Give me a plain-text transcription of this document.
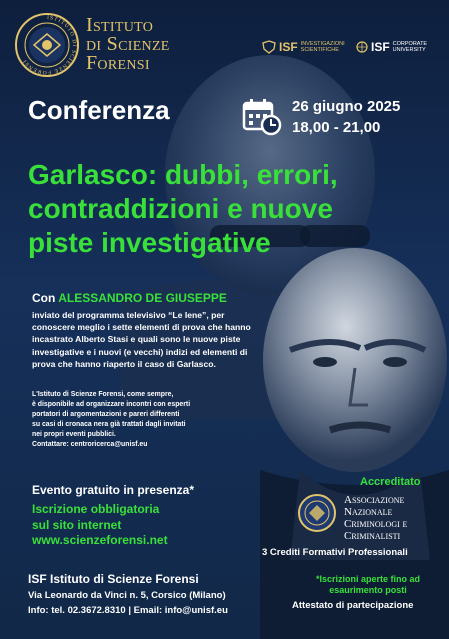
ISTITUTO DI SCIENZE FORENSI
Istituto
di Scienze
Forensi
ISF INVESTIGAZIONI
SCIENTIFICHE	ISF CORPORATE
UNIVERSITY
Conferenza	26 giugno 2025
18,00 - 21,00
Garlasco: dubbi, errori,
contraddizioni e nuove
piste investigative
Con ALESSANDRO DE GIUSEPPE
inviato del programma televisivo “Le Iene”, per
conoscere meglio i sette elementi di prova che hanno
incastrato Alberto Stasi e quali sono le nuove piste
investigative e i nuovi (e vecchi) indizi ed elementi di
prova che hanno riaperto il caso di Garlasco.
L'Istituto di Scienze Forensi, come sempre,
è disponibile ad organizzare incontri con esperti
portatori di argomentazioni e pareri differenti
su casi di cronaca nera già trattati dagli invitati
nei propri eventi pubblici.
Contattare: centroricerca@unisf.eu
Evento gratuito in presenza*
Iscrizione obbligatoria
sul sito internet
www.scienzeforensi.net
ISF Istituto di Scienze Forensi
Via Leonardo da Vinci n. 5, Corsico (Milano)
Info: tel. 02.3672.8310 | Email: info@unisf.eu
Accreditato
Associazione
Nazionale
Criminologi e
Criminalisti
3 Crediti Formativi Professionali
*Iscrizioni aperte fino ad
esaurimento posti
Attestato di partecipazione
